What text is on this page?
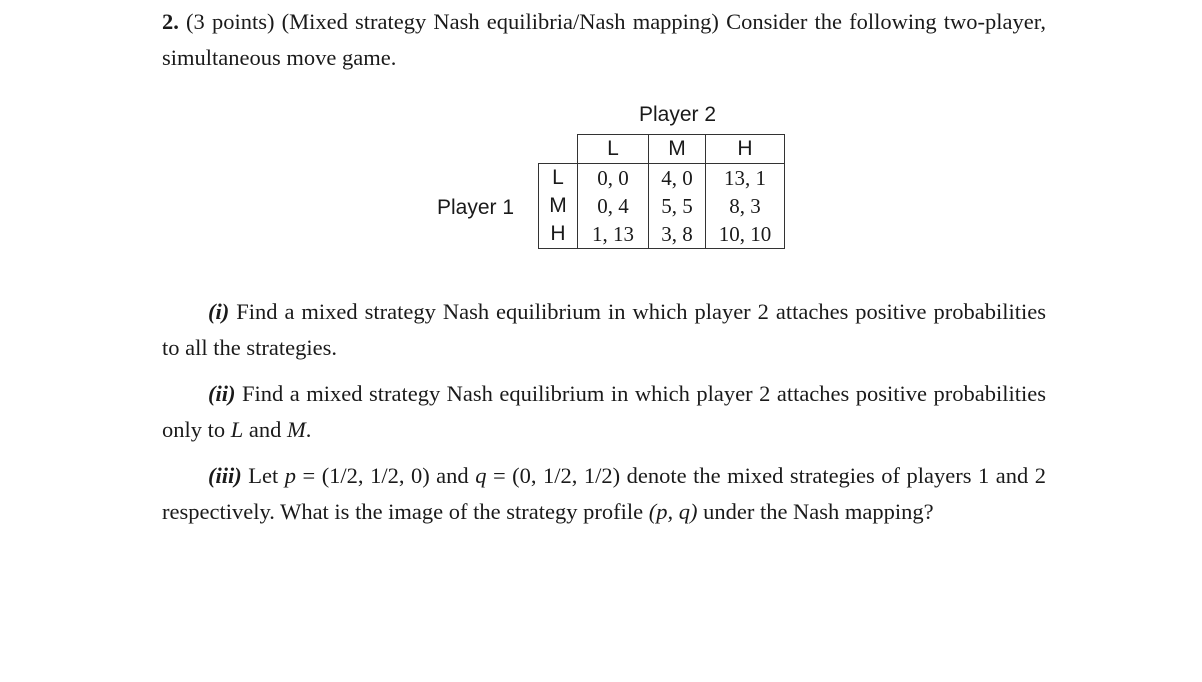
2. (3 points) (Mixed strategy Nash equilibria/Nash mapping) Consider the following two-player, simultaneous move game.
Player 2
Player 1
	L	M	H
L	0, 0	4, 0	13, 1
M	0, 4	5, 5	8, 3
H	1, 13	3, 8	10, 10
(i) Find a mixed strategy Nash equilibrium in which player 2 attaches positive probabilities to all the strategies.
(ii) Find a mixed strategy Nash equilibrium in which player 2 attaches positive probabilities only to L and M.
(iii) Let p = (1/2, 1/2, 0) and q = (0, 1/2, 1/2) denote the mixed strategies of players 1 and 2 respectively. What is the image of the strategy profile (p, q) under the Nash mapping?
